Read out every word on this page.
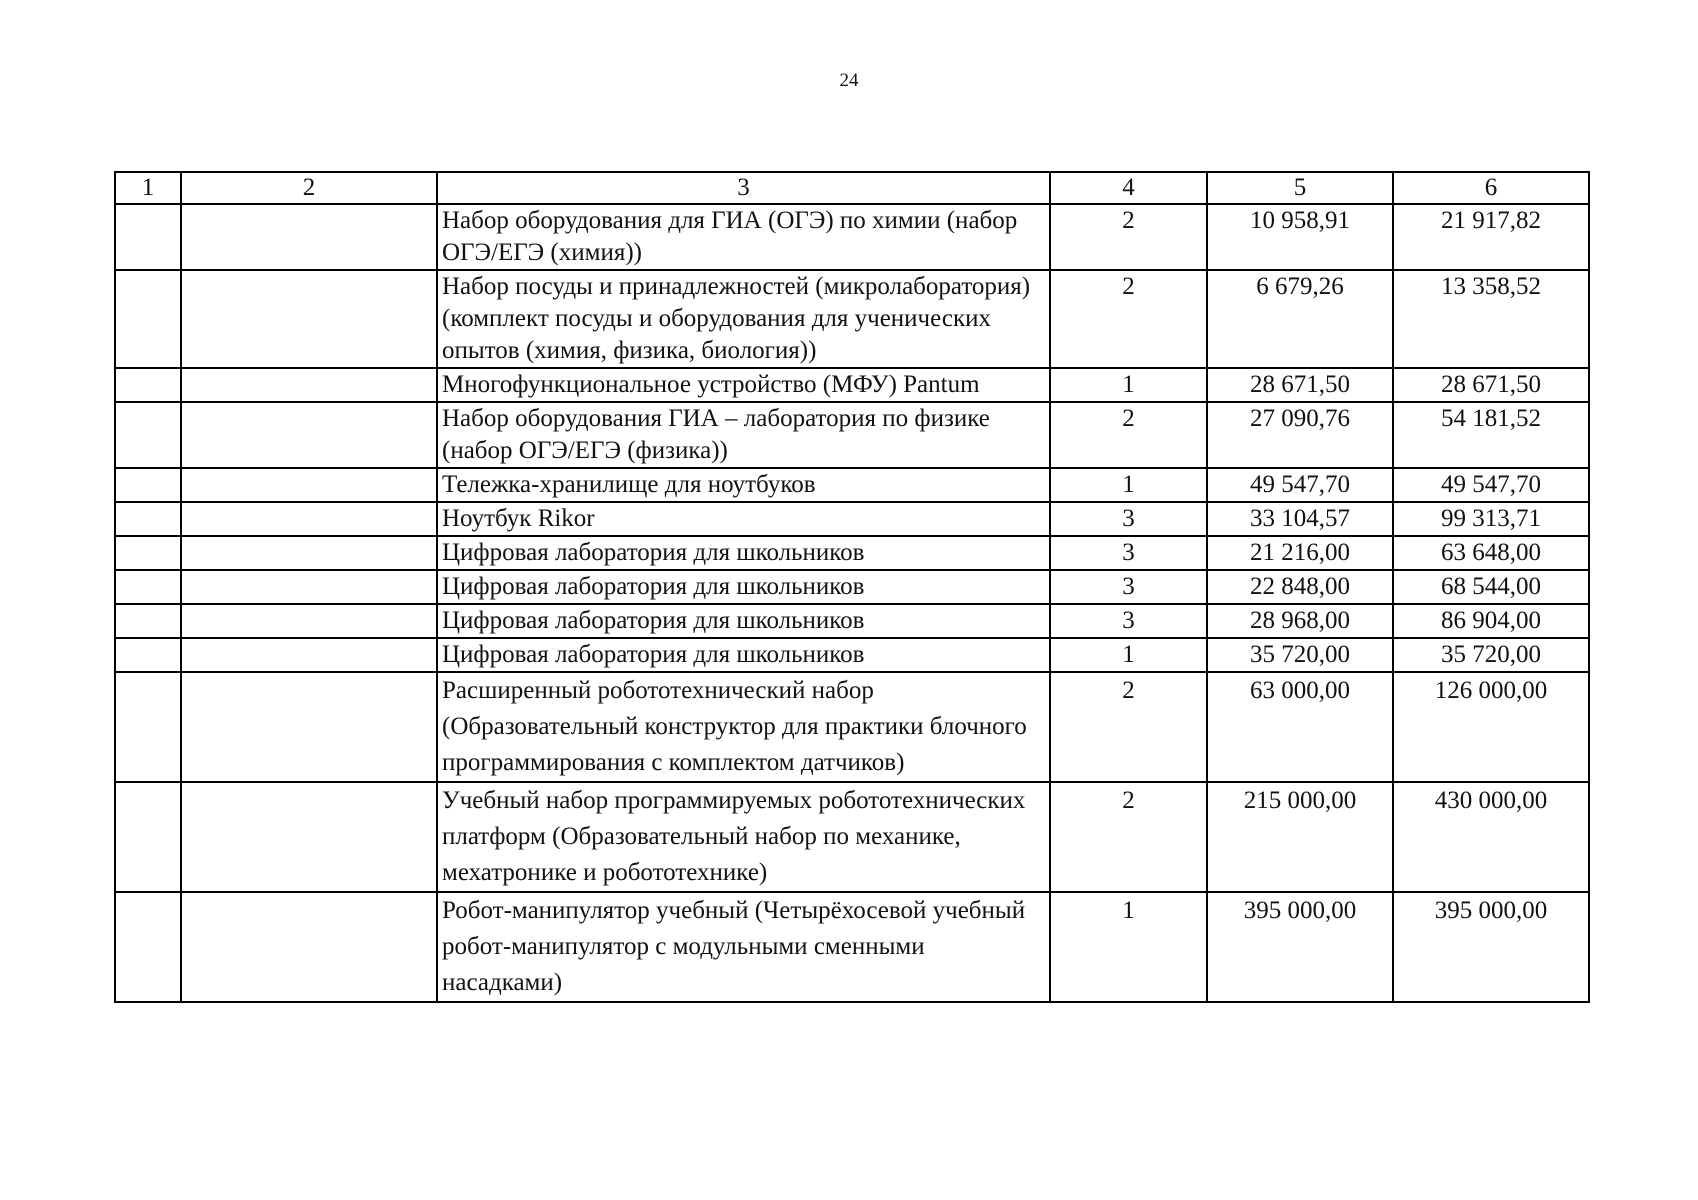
24
1	2	3	4	5	6
		Набор оборудования для ГИА (ОГЭ) по химии (набор ОГЭ/ЕГЭ (химия))	2	10 958,91	21 917,82
		Набор посуды и принадлежностей (микролаборатория) (комплект посуды и оборудования для ученических опытов (химия, физика, биология))	2	6 679,26	13 358,52
		Многофункциональное устройство (МФУ) Pantum	1	28 671,50	28 671,50
		Набор оборудования ГИА – лаборатория по физике (набор ОГЭ/ЕГЭ (физика))	2	27 090,76	54 181,52
		Тележка-хранилище для ноутбуков	1	49 547,70	49 547,70
		Ноутбук Rikor	3	33 104,57	99 313,71
		Цифровая лаборатория для школьников	3	21 216,00	63 648,00
		Цифровая лаборатория для школьников	3	22 848,00	68 544,00
		Цифровая лаборатория для школьников	3	28 968,00	86 904,00
		Цифровая лаборатория для школьников	1	35 720,00	35 720,00
		Расширенный робототехнический набор (Образовательный конструктор для практики блочного программирования с комплектом датчиков)	2	63 000,00	126 000,00
		Учебный набор программируемых робототехнических платформ (Образовательный набор по механике, мехатронике и робототехнике)	2	215 000,00	430 000,00
		Робот-манипулятор учебный (Четырёхосевой учебный робот-манипулятор с модульными сменными насадками)	1	395 000,00	395 000,00
